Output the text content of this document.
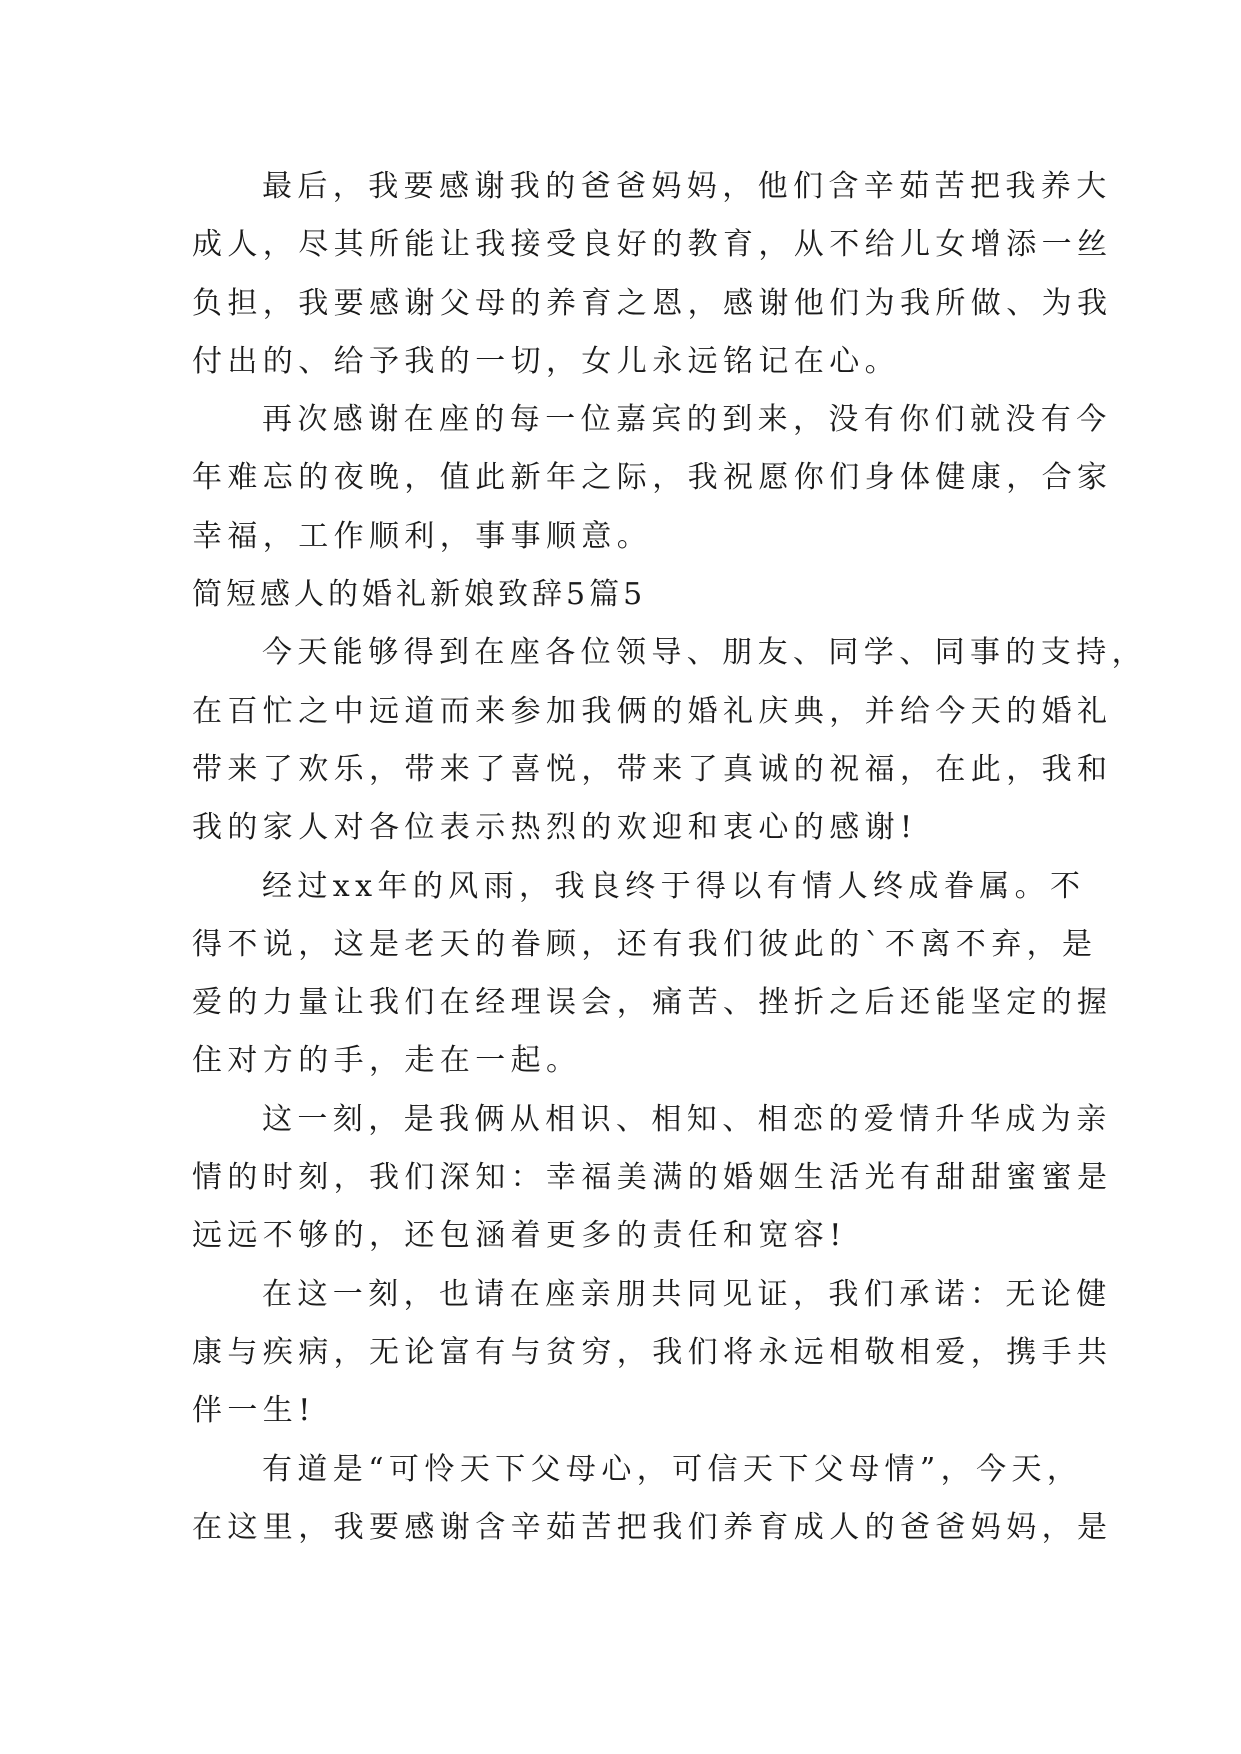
最后，我要感谢我的爸爸妈妈，他们含辛茹苦把我养大
成人，尽其所能让我接受良好的教育，从不给儿女增添一丝
负担，我要感谢父母的养育之恩，感谢他们为我所做、为我
付出的、给予我的一切，女儿永远铭记在心。

再次感谢在座的每一位嘉宾的到来，没有你们就没有今
年难忘的夜晚，值此新年之际，我祝愿你们身体健康，合家
幸福，工作顺利，事事顺意。

简短感人的婚礼新娘致辞5篇5

今天能够得到在座各位领导、朋友、同学、同事的支持，
在百忙之中远道而来参加我俩的婚礼庆典，并给今天的婚礼
带来了欢乐，带来了喜悦，带来了真诚的祝福，在此，我和
我的家人对各位表示热烈的欢迎和衷心的感谢!

经过xx年的风雨，我良终于得以有情人终成眷属。不
得不说，这是老天的眷顾，还有我们彼此的`不离不弃，是
爱的力量让我们在经理误会，痛苦、挫折之后还能坚定的握
住对方的手，走在一起。

这一刻，是我俩从相识、相知、相恋的爱情升华成为亲
情的时刻，我们深知：幸福美满的婚姻生活光有甜甜蜜蜜是
远远不够的，还包涵着更多的责任和宽容!

在这一刻，也请在座亲朋共同见证，我们承诺：无论健
康与疾病，无论富有与贫穷，我们将永远相敬相爱，携手共
伴一生!

有道是“可怜天下父母心，可信天下父母情”，今天，
在这里，我要感谢含辛茹苦把我们养育成人的爸爸妈妈，是
